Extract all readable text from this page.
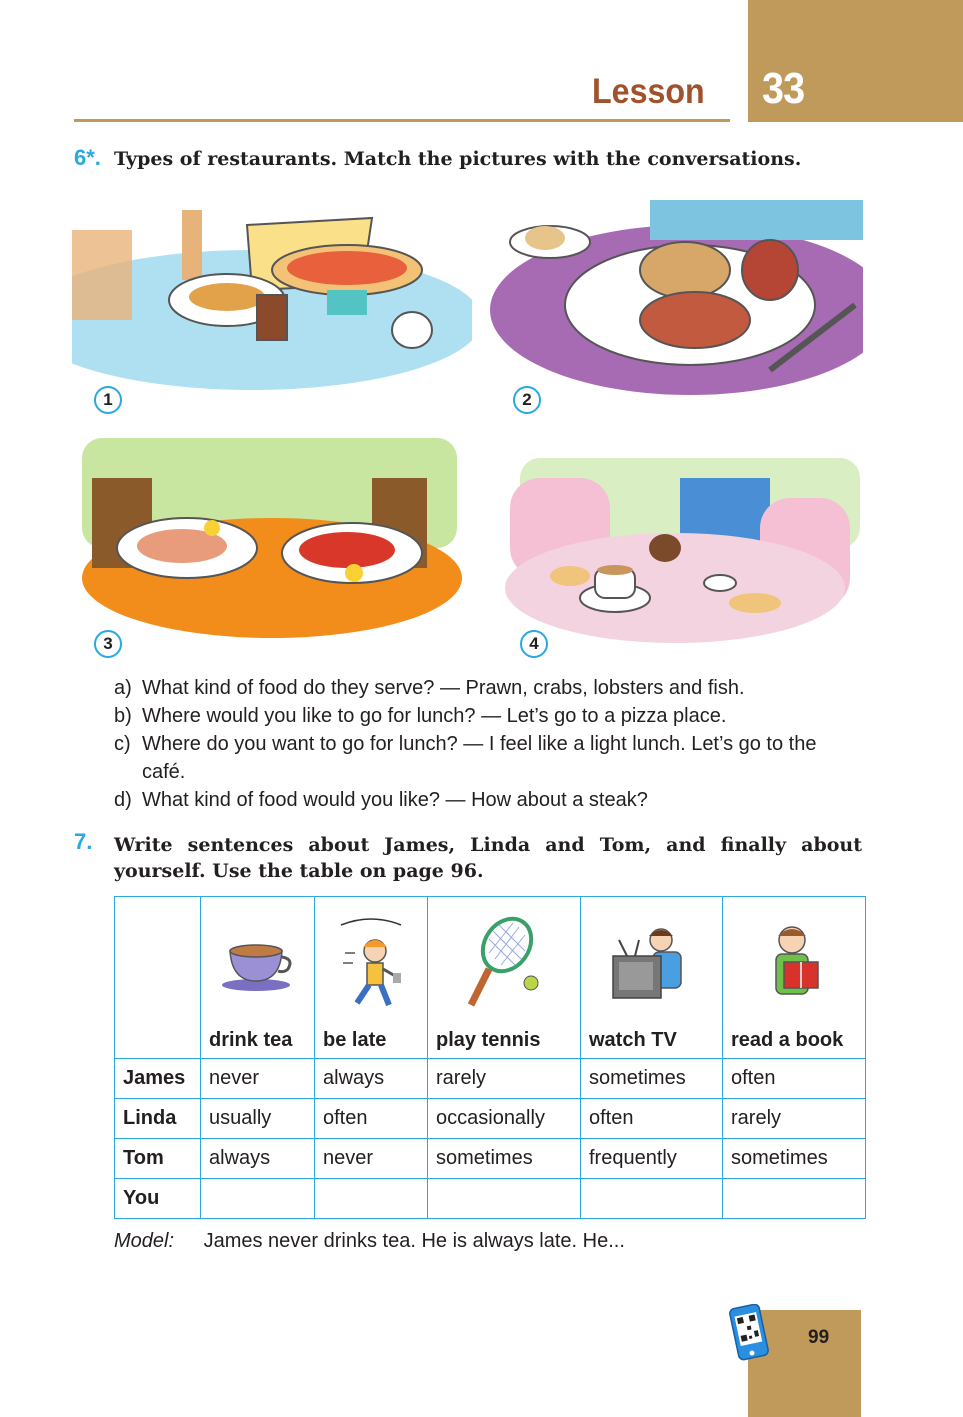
33
Lesson
6*. Types of restaurants. Match the pictures with the conversations.
1	2
3	4
a) What kind of food do they serve? — Prawn, crabs, lobsters and fish.
b) Where would you like to go for lunch? — Let’s go to a pizza place.
c) Where do you want to go for lunch? — I feel like a light lunch. Let’s go to the café.
d) What kind of food would you like? — How about a steak?
7. Write sentences about James, Linda and Tom, and finally about yourself. Use the table on page 96.

drink tea	be late	play tennis	watch TV	read a book
James	never	always	rarely	sometimes	often
Linda	usually	often	occasionally	often	rarely
Tom	always	never	sometimes	frequently	sometimes
You					
Model: James never drinks tea. He is always late. He...
99
